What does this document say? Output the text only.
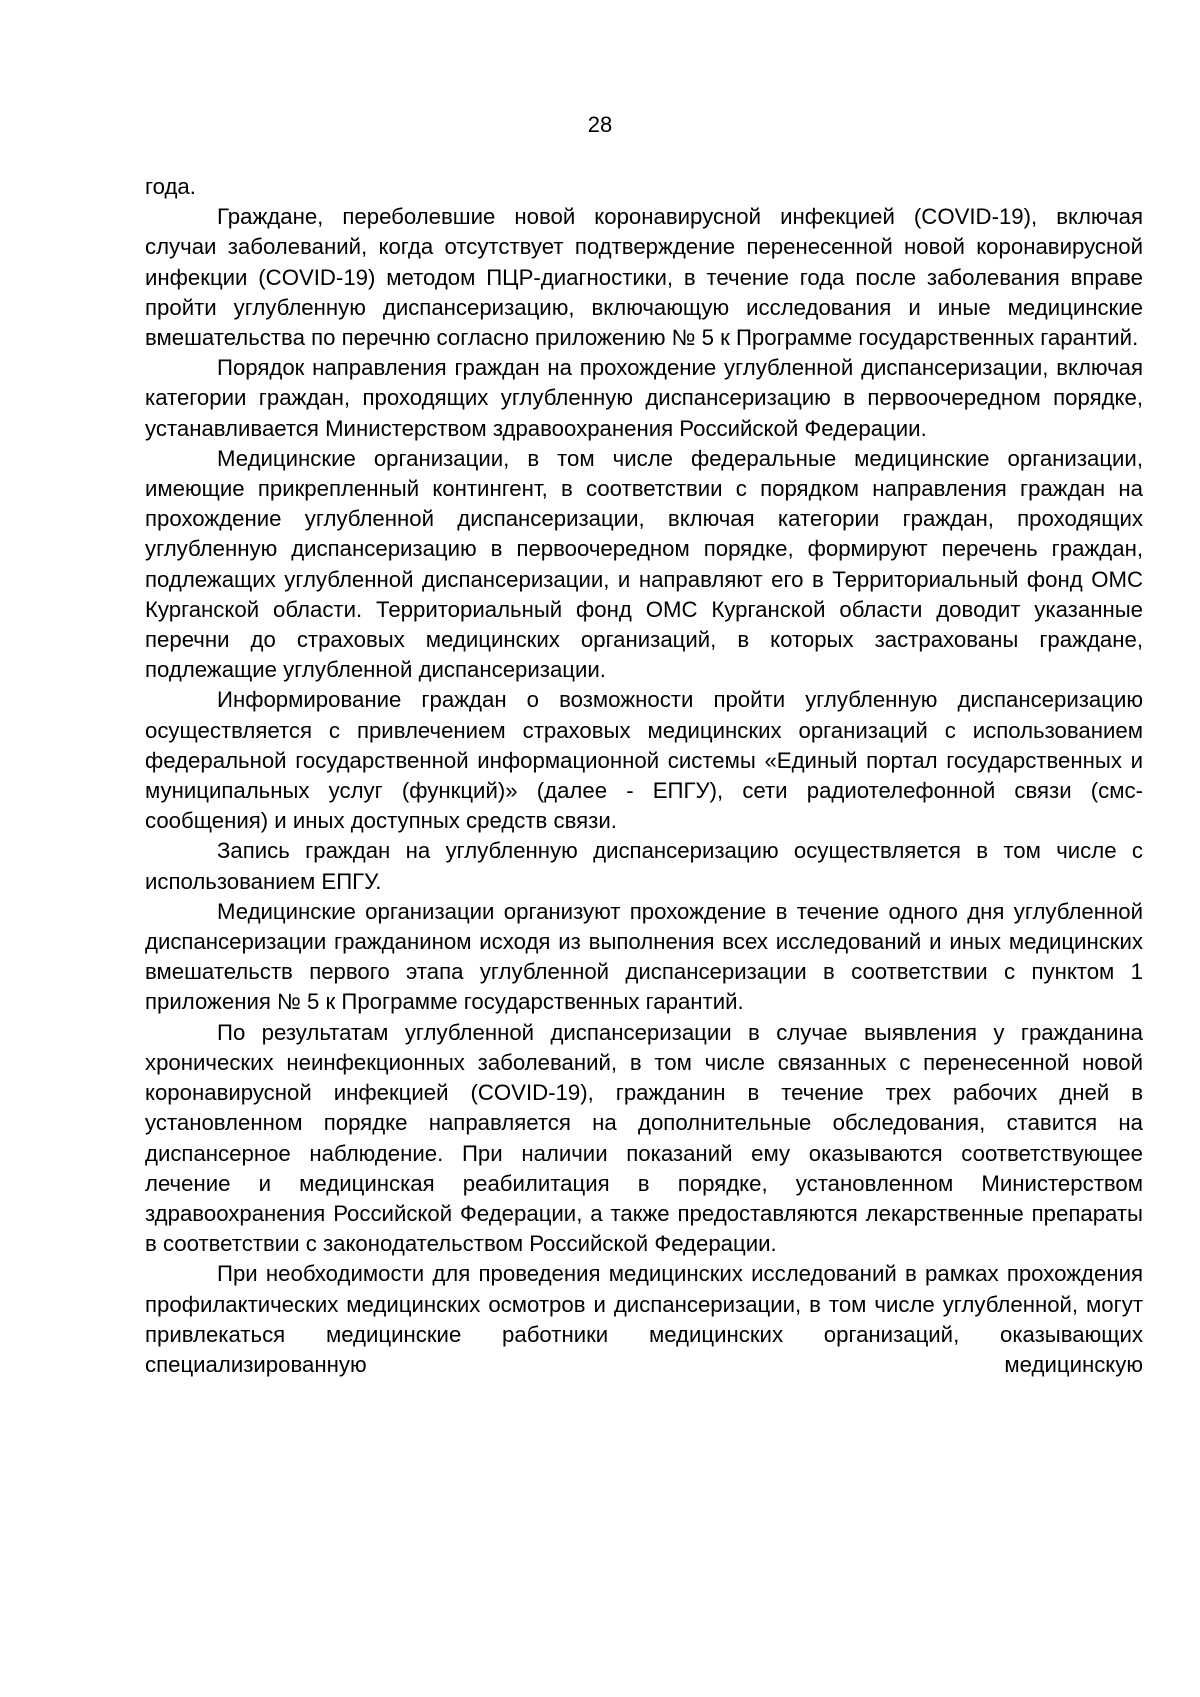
28

года.

Граждане, переболевшие новой коронавирусной инфекцией (COVID-19), включая случаи заболеваний, когда отсутствует подтверждение перенесенной новой коронавирусной инфекции (COVID-19) методом ПЦР-диагностики, в течение года после заболевания вправе пройти углубленную диспансеризацию, включающую исследования и иные медицинские вмешательства по перечню согласно приложению № 5 к Программе государственных гарантий.

Порядок направления граждан на прохождение углубленной диспансеризации, включая категории граждан, проходящих углубленную диспансеризацию в первоочередном порядке, устанавливается Министерством здравоохранения Российской Федерации.

Медицинские организации, в том числе федеральные медицинские организации, имеющие прикрепленный контингент, в соответствии с порядком направления граждан на прохождение углубленной диспансеризации, включая категории граждан, проходящих углубленную диспансеризацию в первоочередном порядке, формируют перечень граждан, подлежащих углубленной диспансеризации, и направляют его в Территориальный фонд ОМС Курганской области. Территориальный фонд ОМС Курганской области доводит указанные перечни до страховых медицинских организаций, в которых застрахованы граждане, подлежащие углубленной диспансеризации.

Информирование граждан о возможности пройти углубленную диспансеризацию осуществляется с привлечением страховых медицинских организаций с использованием федеральной государственной информационной системы «Единый портал государственных и муниципальных услуг (функций)» (далее - ЕПГУ), сети радиотелефонной связи (смс-сообщения) и иных доступных средств связи.

Запись граждан на углубленную диспансеризацию осуществляется в том числе с использованием ЕПГУ.

Медицинские организации организуют прохождение в течение одного дня углубленной диспансеризации гражданином исходя из выполнения всех исследований и иных медицинских вмешательств первого этапа углубленной диспансеризации в соответствии с пунктом 1 приложения № 5 к Программе государственных гарантий.

По результатам углубленной диспансеризации в случае выявления у гражданина хронических неинфекционных заболеваний, в том числе связанных с перенесенной новой коронавирусной инфекцией (COVID-19), гражданин в течение трех рабочих дней в установленном порядке направляется на дополнительные обследования, ставится на диспансерное наблюдение. При наличии показаний ему оказываются соответствующее лечение и медицинская реабилитация в порядке, установленном Министерством здравоохранения Российской Федерации, а также предоставляются лекарственные препараты в соответствии с законодательством Российской Федерации.

При необходимости для проведения медицинских исследований в рамках прохождения профилактических медицинских осмотров и диспансеризации, в том числе углубленной, могут привлекаться медицинские работники медицинских организаций, оказывающих специализированную медицинскую
